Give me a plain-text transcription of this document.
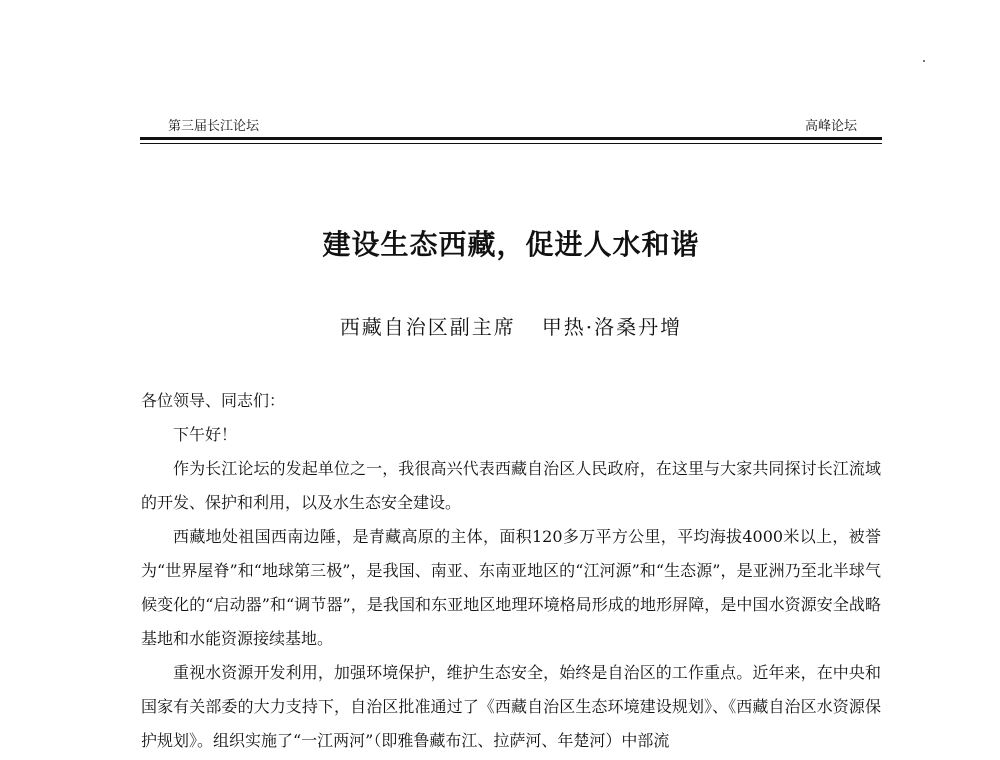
第三届长江论坛	高峰论坛
建设生态西藏，促进人水和谐
西藏自治区副主席 甲热·洛桑丹增

各位领导、同志们：

下午好！

作为长江论坛的发起单位之一，我很高兴代表西藏自治区人民政府，在这里与大家共同探讨长江流域的开发、保护和利用，以及水生态安全建设。

西藏地处祖国西南边陲，是青藏高原的主体，面积120多万平方公里，平均海拔4000米以上，被誉为“世界屋脊”和“地球第三极”，是我国、南亚、东南亚地区的“江河源”和“生态源”，是亚洲乃至北半球气候变化的“启动器”和“调节器”，是我国和东亚地区地理环境格局形成的地形屏障，是中国水资源安全战略基地和水能资源接续基地。

重视水资源开发利用，加强环境保护，维护生态安全，始终是自治区的工作重点。近年来，在中央和国家有关部委的大力支持下，自治区批准通过了《西藏自治区生态环境建设规划》、《西藏自治区水资源保护规划》。组织实施了“一江两河”（即雅鲁藏布江、拉萨河、年楚河）中部流
